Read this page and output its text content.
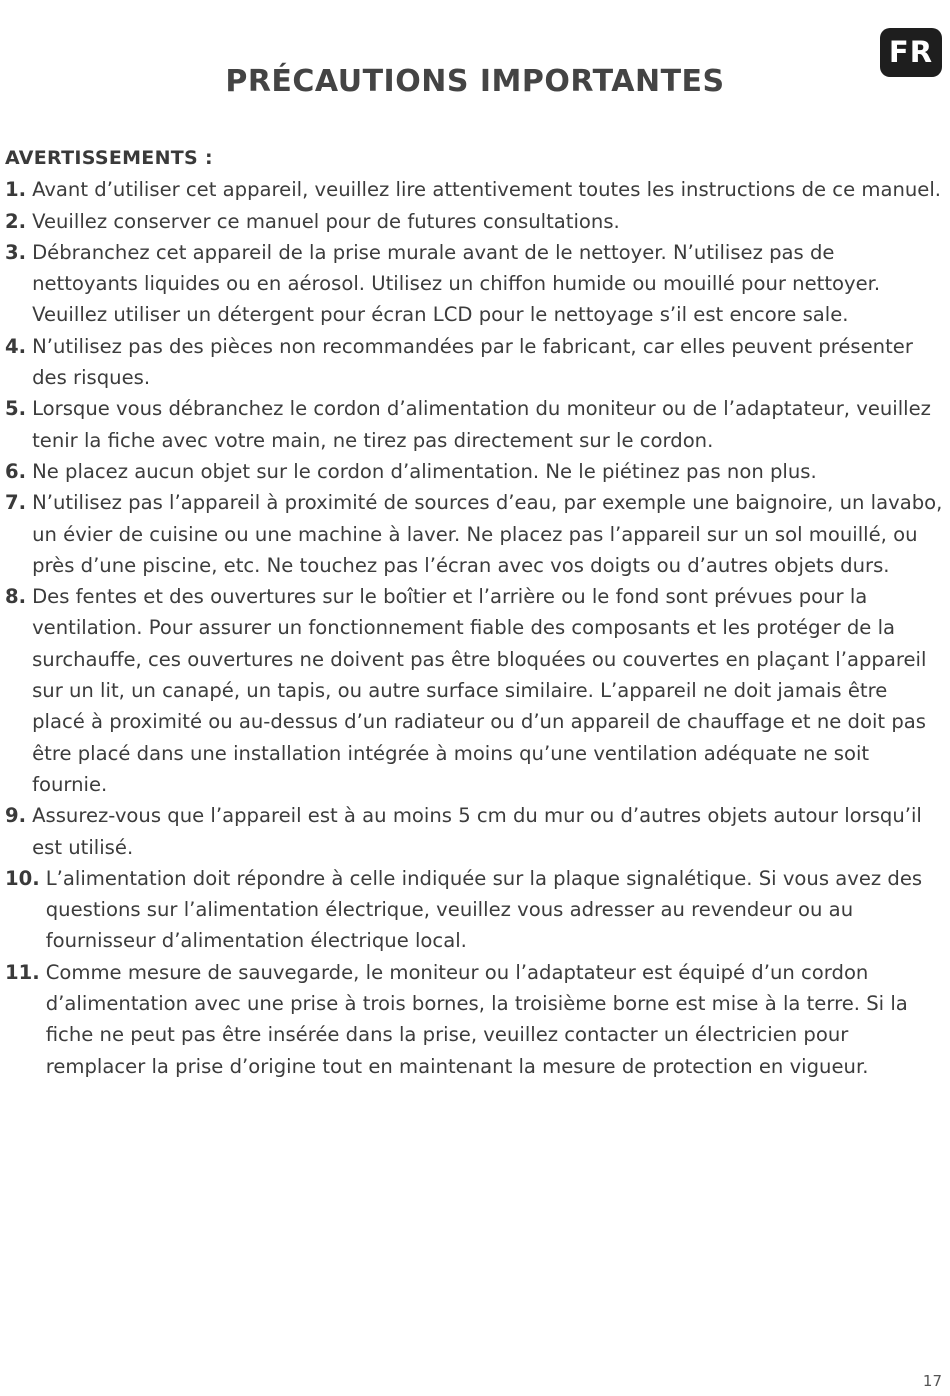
FR
PRÉCAUTIONS IMPORTANTES
AVERTISSEMENTS :
1. Avant d’utiliser cet appareil, veuillez lire attentivement toutes les instructions de ce manuel.
2. Veuillez conserver ce manuel pour de futures consultations.
3. Débranchez cet appareil de la prise murale avant de le nettoyer. N’utilisez pas de nettoyants liquides ou en aérosol. Utilisez un chiffon humide ou mouillé pour nettoyer. Veuillez utiliser un détergent pour écran LCD pour le nettoyage s’il est encore sale.
4. N’utilisez pas des pièces non recommandées par le fabricant, car elles peuvent présenter des risques.
5. Lorsque vous débranchez le cordon d’alimentation du moniteur ou de l’adaptateur, veuillez tenir la fiche avec votre main, ne tirez pas directement sur le cordon.
6. Ne placez aucun objet sur le cordon d’alimentation. Ne le piétinez pas non plus.
7. N’utilisez pas l’appareil à proximité de sources d’eau, par exemple une baignoire, un lavabo, un évier de cuisine ou une machine à laver. Ne placez pas l’appareil sur un sol mouillé, ou près d’une piscine, etc. Ne touchez pas l’écran avec vos doigts ou d’autres objets durs.
8. Des fentes et des ouvertures sur le boîtier et l’arrière ou le fond sont prévues pour la ventilation. Pour assurer un fonctionnement fiable des composants et les protéger de la surchauffe, ces ouvertures ne doivent pas être bloquées ou couvertes en plaçant l’appareil sur un lit, un canapé, un tapis, ou autre surface similaire. L’appareil ne doit jamais être placé à proximité ou au-dessus d’un radiateur ou d’un appareil de chauffage et ne doit pas être placé dans une installation intégrée à moins qu’une ventilation adéquate ne soit fournie.
9. Assurez-vous que l’appareil est à au moins 5 cm du mur ou d’autres objets autour lorsqu’il est utilisé.
10. L’alimentation doit répondre à celle indiquée sur la plaque signalétique. Si vous avez des questions sur l’alimentation électrique, veuillez vous adresser au revendeur ou au fournisseur d’alimentation électrique local.
11. Comme mesure de sauvegarde, le moniteur ou l’adaptateur est équipé d’un cordon d’alimentation avec une prise à trois bornes, la troisième borne est mise à la terre. Si la fiche ne peut pas être insérée dans la prise, veuillez contacter un électricien pour remplacer la prise d’origine tout en maintenant la mesure de protection en vigueur.
17
